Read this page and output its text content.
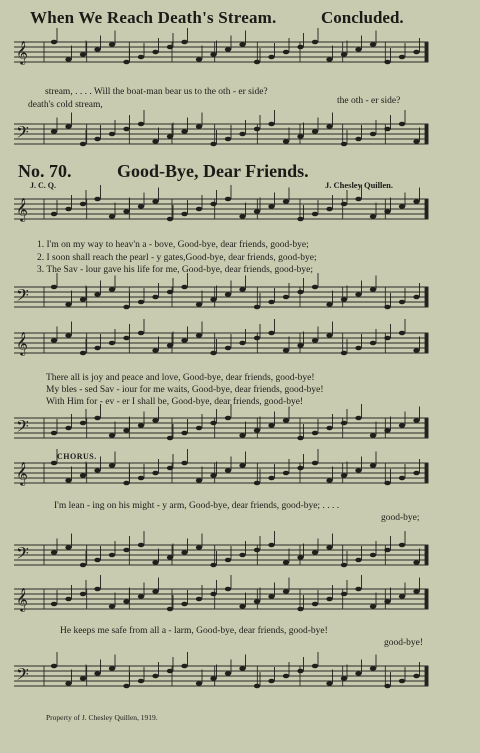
𝄞
𝄢
𝄞
𝄢
𝄞
𝄢
𝄞
𝄢
𝄞
𝄢
When We Reach Death's Stream.	Concluded.
stream, . . . . Will the boat-man bear us to the oth - er side?
death's cold stream,	the oth - er side?
No. 70.	Good-Bye, Dear Friends.
J. C. Q.	J. Chesley Quillen.
1. I'm on my way to heav'n a - bove, Good-bye, dear friends, good-bye;
2. I soon shall reach the pearl - y gates,Good-bye, dear friends, good-bye;
3. The Sav - lour gave his life for me, Good-bye, dear friends, good-bye;
There all is joy and peace and love, Good-bye, dear friends, good-bye!
My bles - sed Sav - iour for me waits, Good-bye, dear friends, good-bye!
With Him for - ev - er I shall be, Good-bye, dear friends, good-bye!
CHORUS.
I'm lean - ing on his might - y arm, Good-bye, dear friends, good-bye; . . . .
good-bye;
He keeps me safe from all a - larm, Good-bye, dear friends, good-bye!
good-bye!
Property of J. Chesley Quillen, 1919.
